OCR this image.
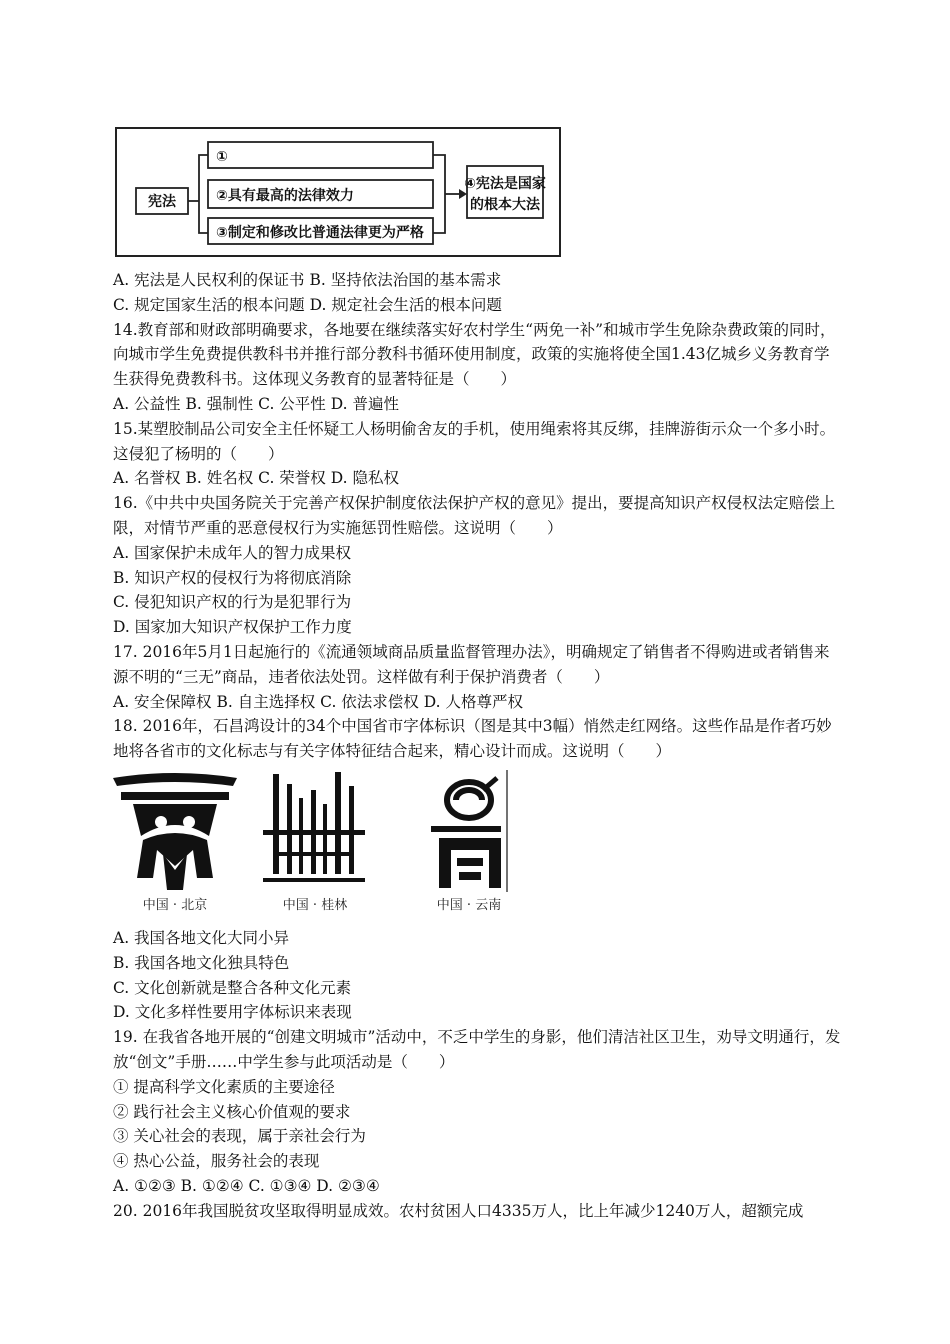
宪法
①
②具有最高的法律效力
③制定和修改比普通法律更为严格
④宪法是国家
的根本大法
A. 宪法是人民权利的保证书 B. 坚持依法治国的基本需求
C. 规定国家生活的根本问题 D. 规定社会生活的根本问题
14.教育部和财政部明确要求，各地要在继续落实好农村学生“两免一补”和城市学生免除杂费政策的同时，向城市学生免费提供教科书并推行部分教科书循环使用制度，政策的实施将使全国1.43亿城乡义务教育学生获得免费教科书。这体现义务教育的显著特征是（　　）
A. 公益性 B. 强制性 C. 公平性 D. 普遍性
15.某塑胶制品公司安全主任怀疑工人杨明偷舍友的手机，使用绳索将其反绑，挂牌游街示众一个多小时。这侵犯了杨明的（　　）
A. 名誉权 B. 姓名权 C. 荣誉权 D. 隐私权
16.《中共中央国务院关于完善产权保护制度依法保护产权的意见》提出，要提高知识产权侵权法定赔偿上限，对情节严重的恶意侵权行为实施惩罚性赔偿。这说明（　　）
A. 国家保护未成年人的智力成果权
B. 知识产权的侵权行为将彻底消除
C. 侵犯知识产权的行为是犯罪行为
D. 国家加大知识产权保护工作力度
17. 2016年5月1日起施行的《流通领域商品质量监督管理办法》，明确规定了销售者不得购进或者销售来源不明的“三无”商品，违者依法处罚。这样做有利于保护消费者（　　）
A. 安全保障权 B. 自主选择权 C. 依法求偿权 D. 人格尊严权
18. 2016年，石昌鸿设计的34个中国省市字体标识（图是其中3幅）悄然走红网络。这些作品是作者巧妙地将各省市的文化标志与有关字体特征结合起来，精心设计而成。这说明（　　）
中国 · 北京	中国 · 桂林	中国 · 云南
A. 我国各地文化大同小异
B. 我国各地文化独具特色
C. 文化创新就是整合各种文化元素
D. 文化多样性要用字体标识来表现
19. 在我省各地开展的“创建文明城市”活动中，不乏中学生的身影，他们清洁社区卫生，劝导文明通行，发放“创文”手册……中学生参与此项活动是（　　）
① 提高科学文化素质的主要途径
② 践行社会主义核心价值观的要求
③ 关心社会的表现，属于亲社会行为
④ 热心公益，服务社会的表现
A. ①②③ B. ①②④ C. ①③④ D. ②③④
20. 2016年我国脱贫攻坚取得明显成效。农村贫困人口4335万人，比上年减少1240万人，超额完成
